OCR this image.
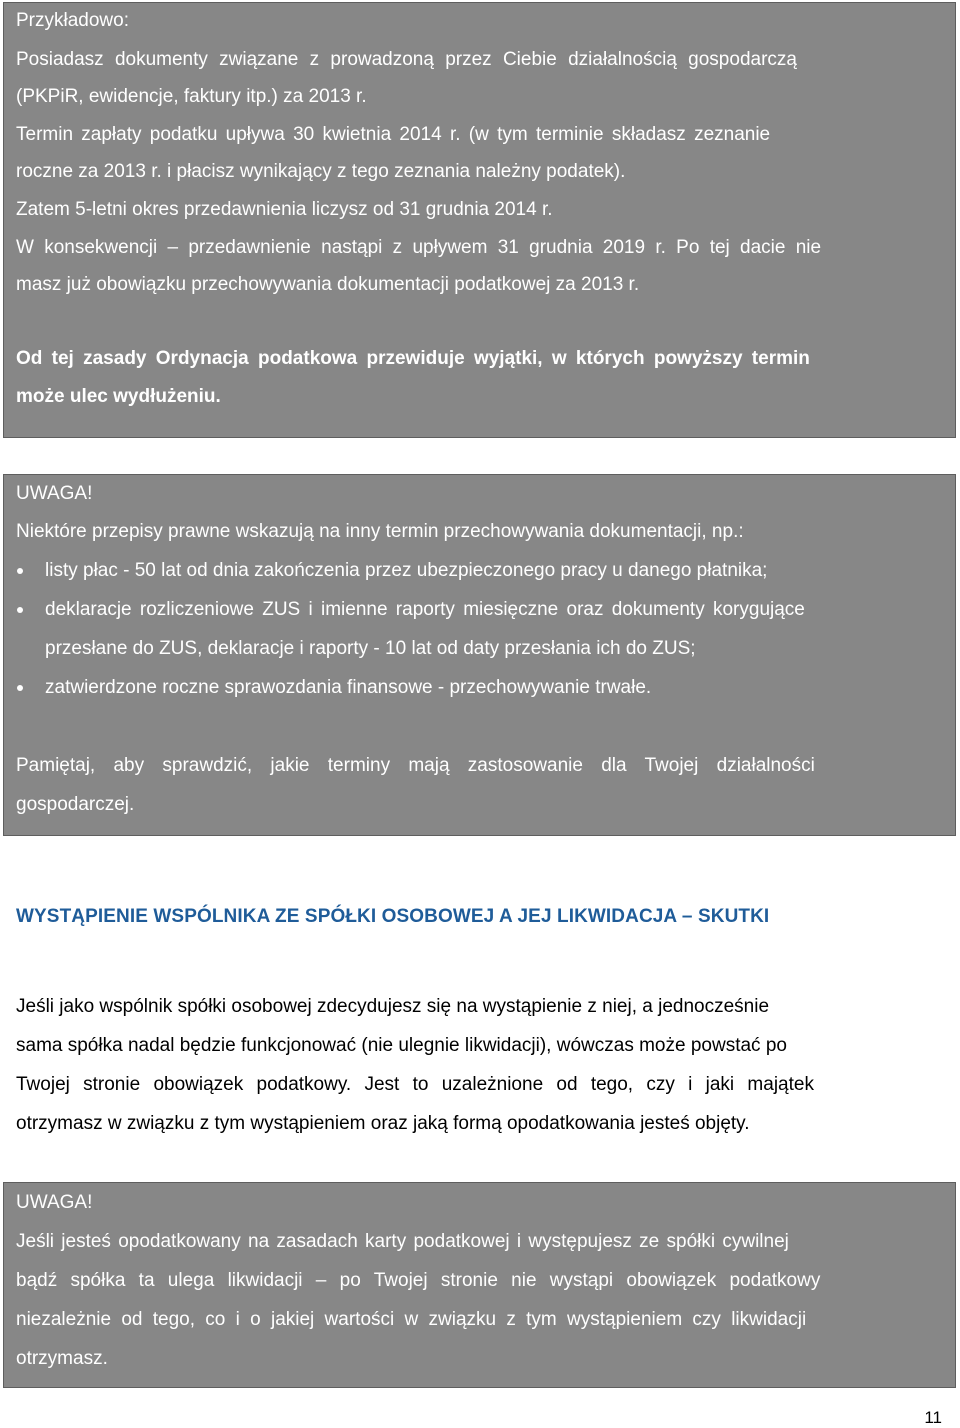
Przykładowo:
Posiadasz dokumenty związane z prowadzoną przez Ciebie działalnością gospodarczą
(PKPiR, ewidencje, faktury itp.) za 2013 r.
Termin zapłaty podatku upływa 30 kwietnia 2014 r. (w tym terminie składasz zeznanie
roczne za 2013 r. i płacisz wynikający z tego zeznania należny podatek).
Zatem 5-letni okres przedawnienia liczysz od 31 grudnia 2014 r.
W konsekwencji – przedawnienie nastąpi z upływem 31 grudnia 2019 r. Po tej dacie nie
masz już obowiązku przechowywania dokumentacji podatkowej za 2013 r.
Od tej zasady Ordynacja podatkowa przewiduje wyjątki, w których powyższy termin
może ulec wydłużeniu.
UWAGA!
Niektóre przepisy prawne wskazują na inny termin przechowywania dokumentacji, np.:
listy płac - 50 lat od dnia zakończenia przez ubezpieczonego pracy u danego płatnika;
deklaracje rozliczeniowe ZUS i imienne raporty miesięczne oraz dokumenty korygujące
przesłane do ZUS, deklaracje i raporty - 10 lat od daty przesłania ich do ZUS;
zatwierdzone roczne sprawozdania finansowe - przechowywanie trwałe.
Pamiętaj, aby sprawdzić, jakie terminy mają zastosowanie dla Twojej działalności
gospodarczej.
WYSTĄPIENIE WSPÓLNIKA ZE SPÓŁKI OSOBOWEJ A JEJ LIKWIDACJA – SKUTKI
Jeśli jako wspólnik spółki osobowej zdecydujesz się na wystąpienie z niej, a jednocześnie
sama spółka nadal będzie funkcjonować (nie ulegnie likwidacji), wówczas może powstać po
Twojej stronie obowiązek podatkowy. Jest to uzależnione od tego, czy i jaki majątek
otrzymasz w związku z tym wystąpieniem oraz jaką formą opodatkowania jesteś objęty.
UWAGA!
Jeśli jesteś opodatkowany na zasadach karty podatkowej i występujesz ze spółki cywilnej
bądź spółka ta ulega likwidacji – po Twojej stronie nie wystąpi obowiązek podatkowy
niezależnie od tego, co i o jakiej wartości w związku z tym wystąpieniem czy likwidacji
otrzymasz.
11
